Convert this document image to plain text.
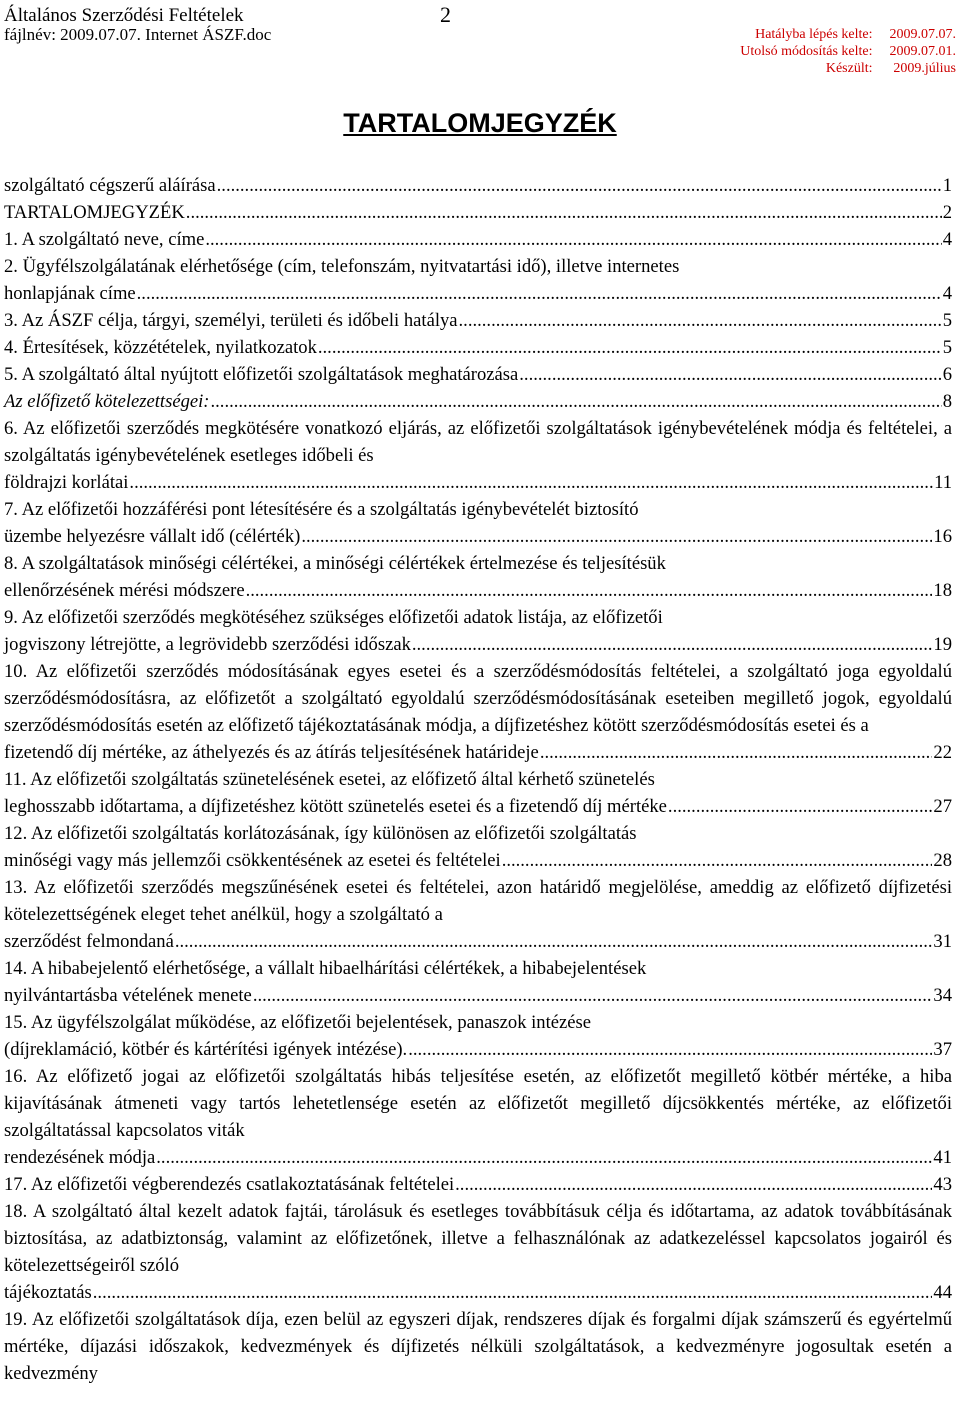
Általános Szerződési Feltételek
fájlnév: 2009.07.07. Internet ÁSZF.doc
2
Hatályba lépés kelte: 2009.07.07.
Utolsó módosítás kelte: 2009.07.01.
Készült: 2009.július
TARTALOMJEGYZÉK
szolgáltató cégszerű aláírása .....	1
TARTALOMJEGYZÉK .....	2
1. A szolgáltató neve, címe .....	4
2. Ügyfélszolgálatának elérhetősége (cím, telefonszám, nyitvatartási idő), illetve internetes
honlapjának címe .....	4
3. Az ÁSZF célja, tárgyi, személyi, területi és időbeli hatálya .....	5
4. Értesítések, közzétételek, nyilatkozatok .....	5
5. A szolgáltató által nyújtott előfizetői szolgáltatások meghatározása .....	6
Az előfizető kötelezettségei: .....	8
6. Az előfizetői szerződés megkötésére vonatkozó eljárás, az előfizetői szolgáltatások igénybevételének módja és feltételei, a szolgáltatás igénybevételének esetleges időbeli és
földrajzi korlátai .....	11
7. Az előfizetői hozzáférési pont létesítésére és a szolgáltatás igénybevételét biztosító
üzembe helyezésre vállalt idő (célérték) .....	16
8. A szolgáltatások minőségi célértékei, a minőségi célértékek értelmezése és teljesítésük
ellenőrzésének mérési módszere .....	18
9. Az előfizetői szerződés megkötéséhez szükséges előfizetői adatok listája, az előfizetői
jogviszony létrejötte, a legrövidebb szerződési időszak .....	19
10. Az előfizetői szerződés módosításának egyes esetei és a szerződésmódosítás feltételei, a szolgáltató joga egyoldalú szerződésmódosításra, az előfizetőt a szolgáltató egyoldalú szerződésmódosításának eseteiben megillető jogok, egyoldalú szerződésmódosítás esetén az előfizető tájékoztatásának módja, a díjfizetéshez kötött szerződésmódosítás esetei és a
fizetendő díj mértéke, az áthelyezés és az átírás teljesítésének határideje .....	22
11. Az előfizetői szolgáltatás szünetelésének esetei, az előfizető által kérhető szünetelés
leghosszabb időtartama, a díjfizetéshez kötött szünetelés esetei és a fizetendő díj mértéke .....	27
12. Az előfizetői szolgáltatás korlátozásának, így különösen az előfizetői szolgáltatás
minőségi vagy más jellemzői csökkentésének az esetei és feltételei .....	28
13. Az előfizetői szerződés megszűnésének esetei és feltételei, azon határidő megjelölése, ameddig az előfizető díjfizetési kötelezettségének eleget tehet anélkül, hogy a szolgáltató a
szerződést felmondaná .....	31
14. A hibabejelentő elérhetősége, a vállalt hibaelhárítási célértékek, a hibabejelentések
nyilvántartásba vételének menete .....	34
15. Az ügyfélszolgálat működése, az előfizetői bejelentések, panaszok intézése
(díjreklamáció, kötbér és kártérítési igények intézése). .....	37
16. Az előfizető jogai az előfizetői szolgáltatás hibás teljesítése esetén, az előfizetőt megillető kötbér mértéke, a hiba kijavításának átmeneti vagy tartós lehetetlensége esetén az előfizetőt megillető díjcsökkentés mértéke, az előfizetői szolgáltatással kapcsolatos viták
rendezésének módja .....	41
17. Az előfizetői végberendezés csatlakoztatásának feltételei .....	43
18. A szolgáltató által kezelt adatok fajtái, tárolásuk és esetleges továbbításuk célja és időtartama, az adatok továbbításának biztosítása, az adatbiztonság, valamint az előfizetőnek, illetve a felhasználónak az adatkezeléssel kapcsolatos jogairól és kötelezettségeiről szóló
tájékoztatás .....	44
19. Az előfizetői szolgáltatások díja, ezen belül az egyszeri díjak, rendszeres díjak és forgalmi díjak számszerű és egyértelmű mértéke, díjazási időszakok, kedvezmények és díjfizetés nélküli szolgáltatások, a kedvezményre jogosultak esetén a kedvezmény
